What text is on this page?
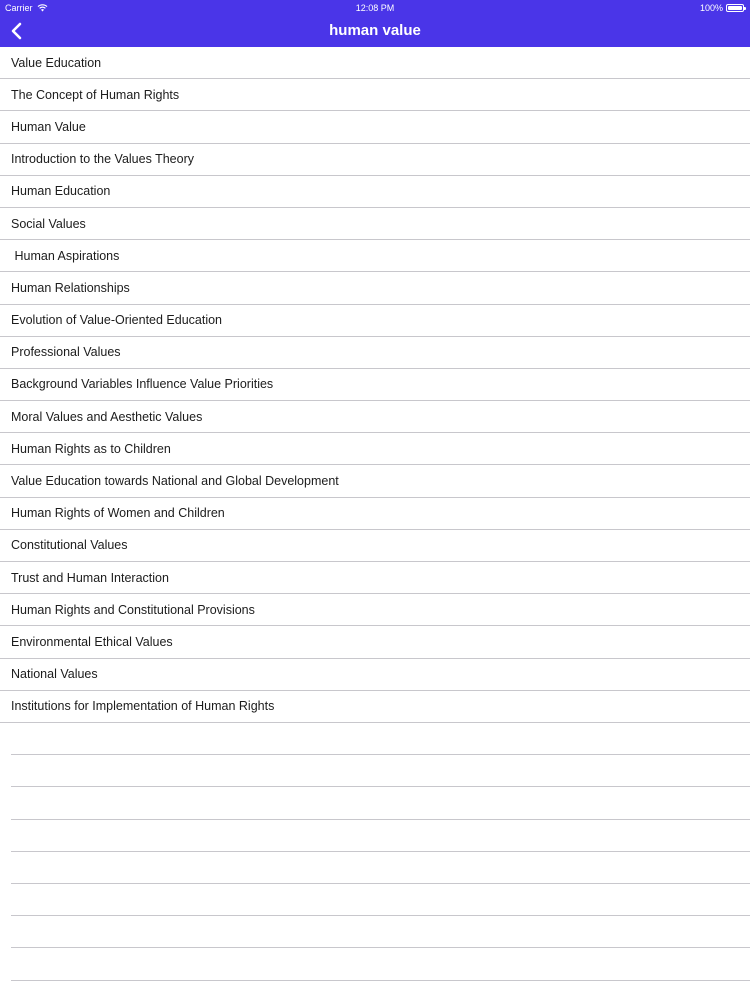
Carrier	12:08 PM	100%
human value
Value Education
The Concept of Human Rights
Human Value
Introduction to the Values Theory
Human Education
Social Values
Human Aspirations
Human Relationships
Evolution of Value-Oriented Education
Professional Values
Background Variables Influence Value Priorities
Moral Values and Aesthetic Values
Human Rights as to Children
Value Education towards National and Global Development
Human Rights of Women and Children
Constitutional Values
Trust and Human Interaction
Human Rights and Constitutional Provisions
Environmental Ethical Values
National Values
Institutions for Implementation of Human Rights
